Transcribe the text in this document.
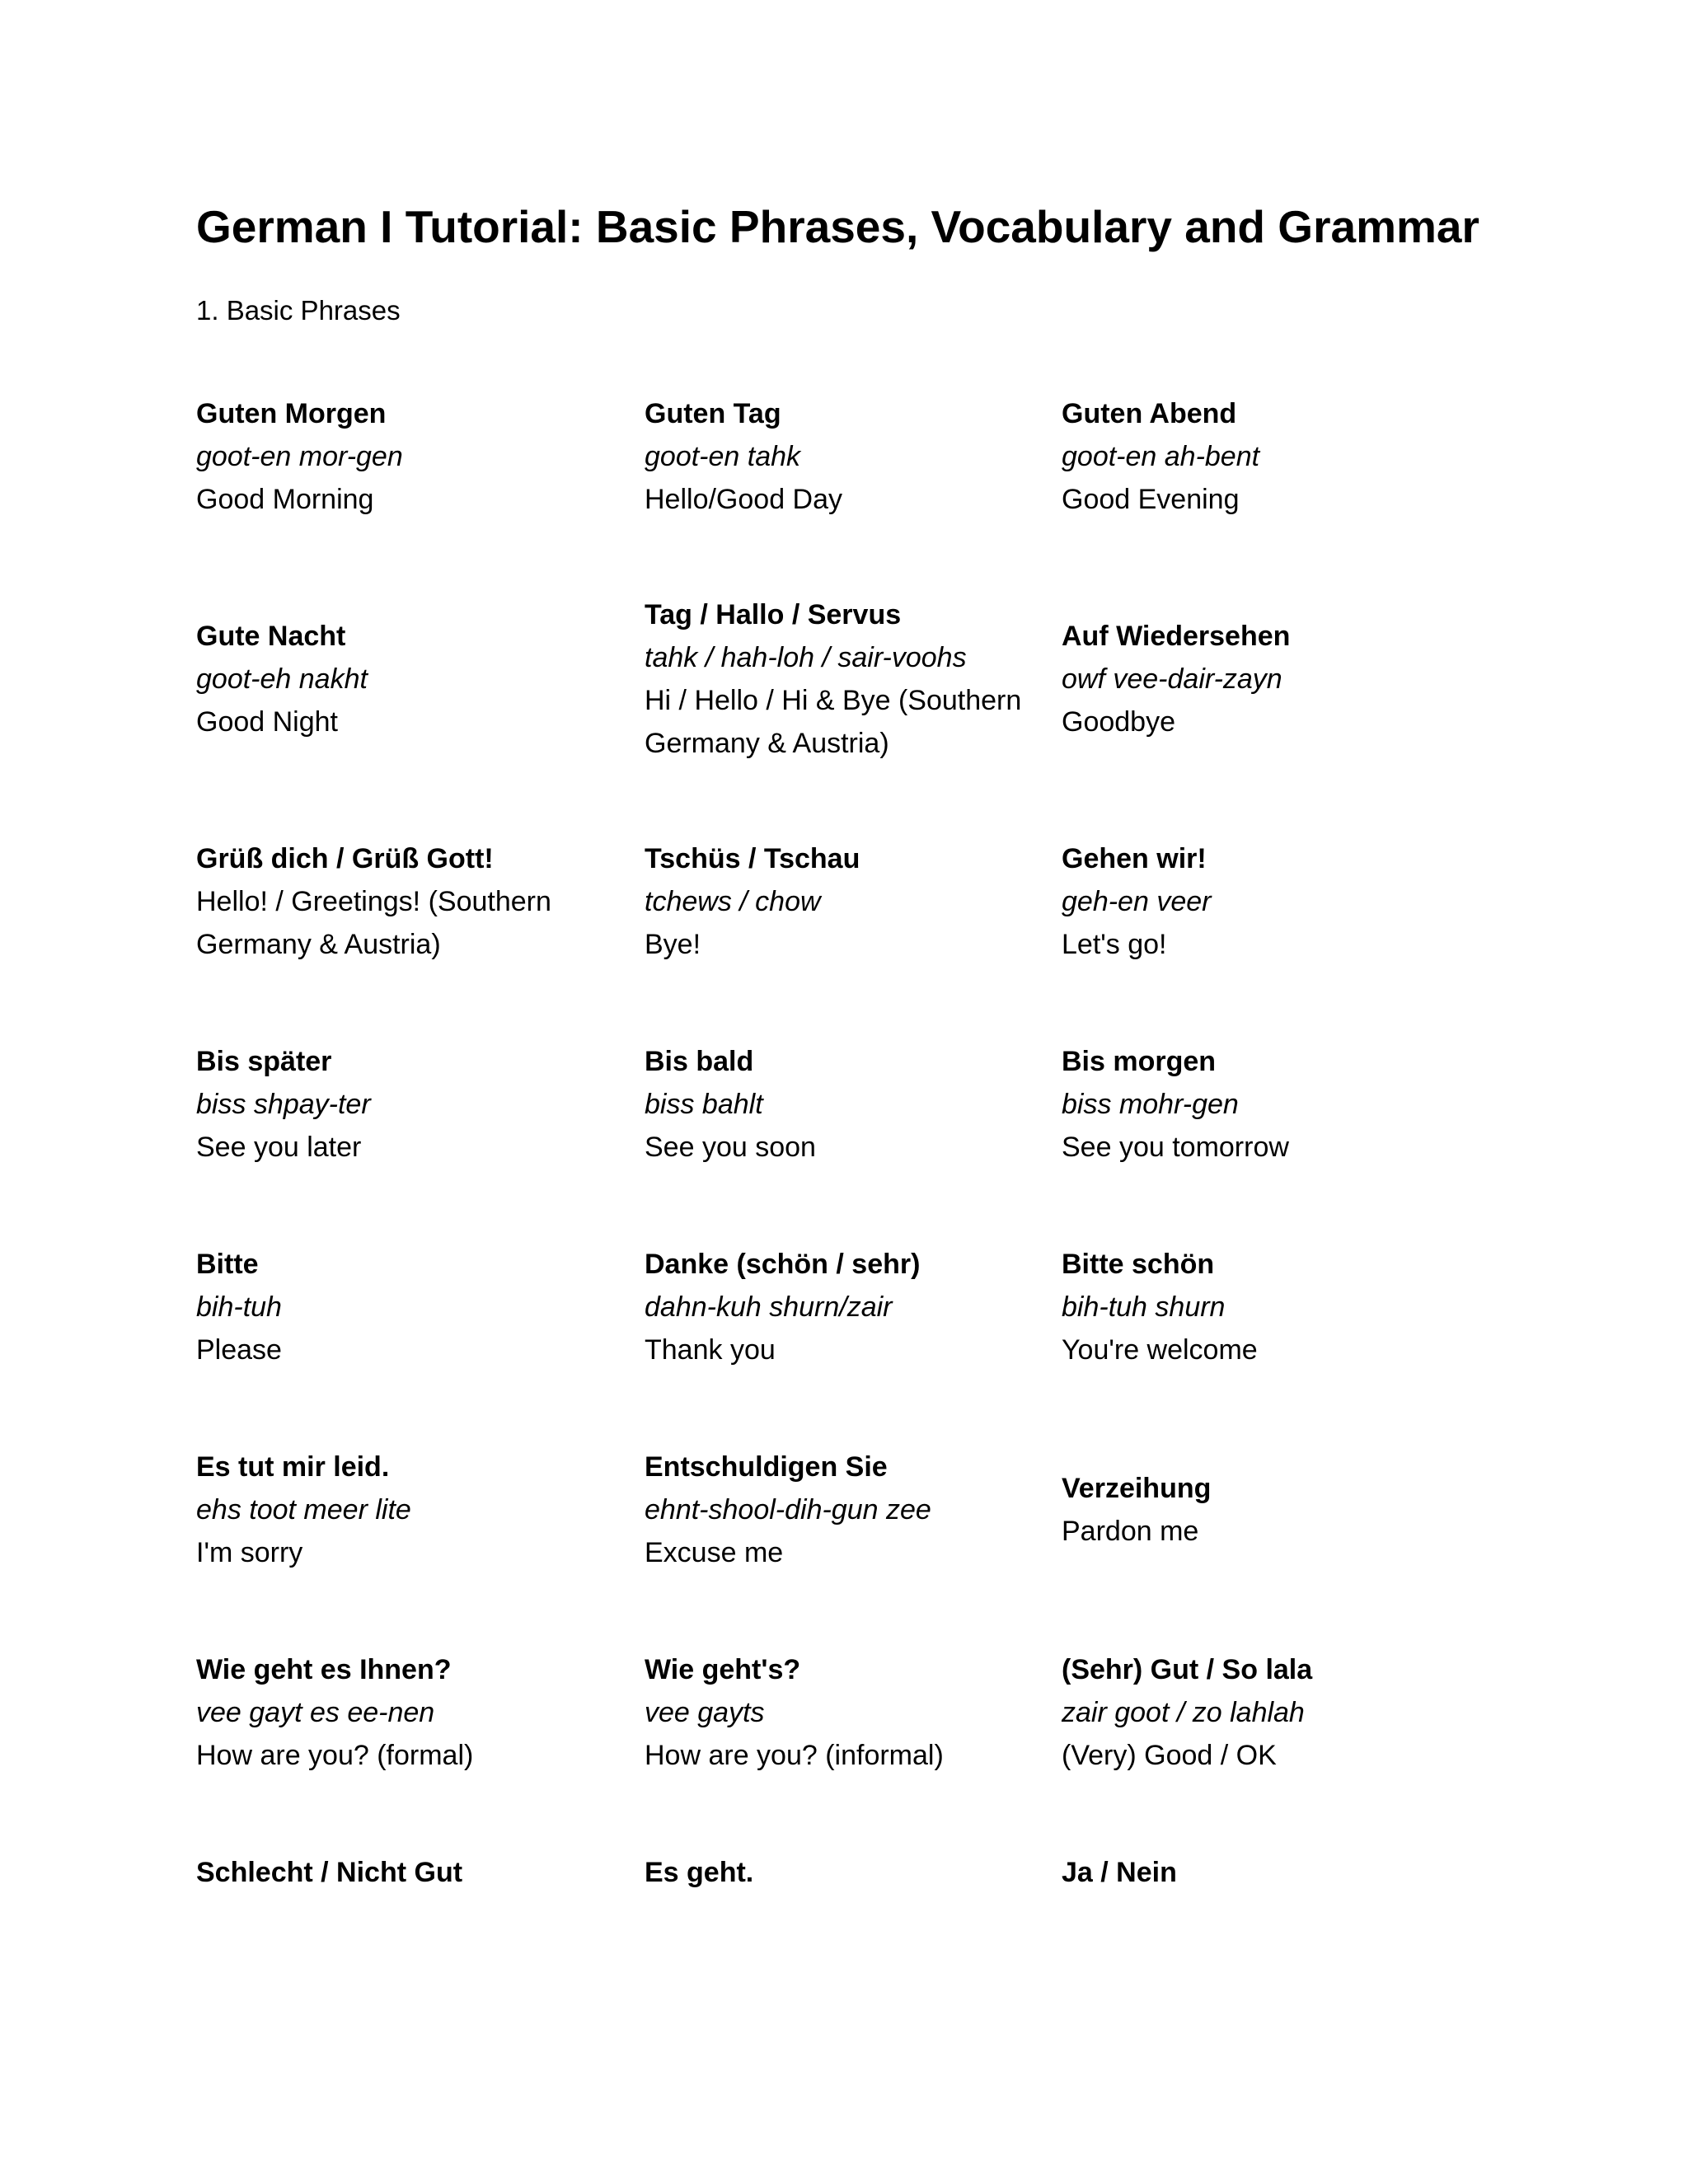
German I Tutorial: Basic Phrases, Vocabulary and Grammar
1. Basic Phrases
Guten Morgen
goot-en mor-gen
Good Morning
Guten Tag
goot-en tahk
Hello/Good Day
Guten Abend
goot-en ah-bent
Good Evening
Gute Nacht
goot-eh nakht
Good Night
Tag / Hallo / Servus
tahk / hah-loh / sair-voohs
Hi / Hello / Hi & Bye (Southern Germany & Austria)
Auf Wiedersehen
owf vee-dair-zayn
Goodbye
Grüß dich / Grüß Gott!
Hello! / Greetings! (Southern Germany & Austria)
Tschüs / Tschau
tchews / chow
Bye!
Gehen wir!
geh-en veer
Let's go!
Bis später
biss shpay-ter
See you later
Bis bald
biss bahlt
See you soon
Bis morgen
biss mohr-gen
See you tomorrow
Bitte
bih-tuh
Please
Danke (schön / sehr)
dahn-kuh shurn/zair
Thank you
Bitte schön
bih-tuh shurn
You're welcome
Es tut mir leid.
ehs toot meer lite
I'm sorry
Entschuldigen Sie
ehnt-shool-dih-gun zee
Excuse me
Verzeihung
Pardon me
Wie geht es Ihnen?
vee gayt es ee-nen
How are you? (formal)
Wie geht's?
vee gayts
How are you? (informal)
(Sehr) Gut / So lala
zair goot / zo lahlah
(Very) Good / OK
Schlecht / Nicht Gut	Es geht.	Ja / Nein
